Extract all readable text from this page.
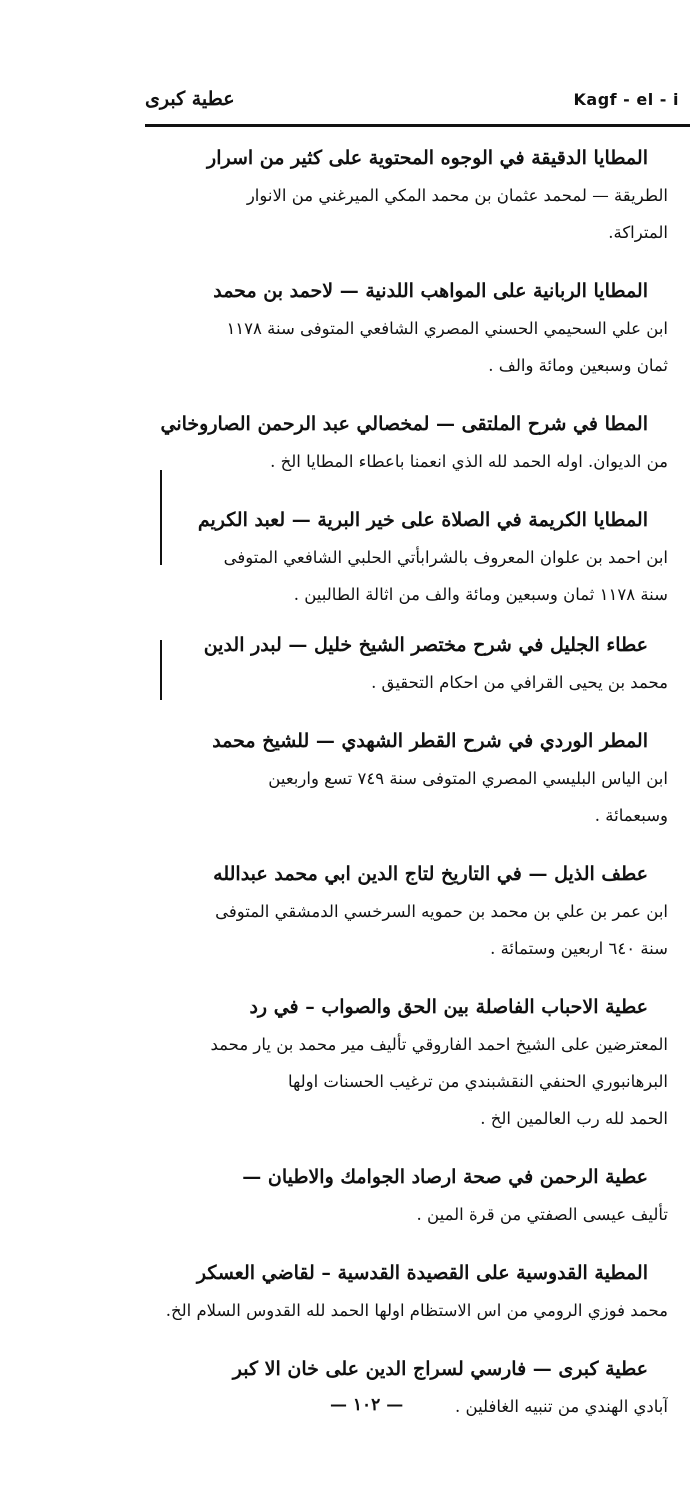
عطية كبرى	Kagf - el - i
المطايا الدقيقة في الوجوه المحتوية على كثير من اسرار
الطريقة — لمحمد عثمان بن محمد المكي الميرغني من الانوار
المتراكة.
المطايا الربانية على المواهب اللدنية — لاحمد بن محمد
ابن علي السحيمي الحسني المصري الشافعي المتوفى سنة ١١٧٨
ثمان وسبعين ومائة والف .
المطا في شرح الملتقى — لمخصالي عبد الرحمن الصاروخاني
من الديوان. اوله الحمد لله الذي انعمنا باعطاء المطايا الخ .
المطايا الكريمة في الصلاة على خير البرية — لعبد الكريم
ابن احمد بن علوان المعروف بالشرابأتي الحلبي الشافعي المتوفى
سنة ١١٧٨ ثمان وسبعين ومائة والف من اثالة الطالبين .
عطاء الجليل في شرح مختصر الشيخ خليل — لبدر الدين
محمد بن يحيى القرافي من احكام التحقيق .
المطر الوردي في شرح القطر الشهدي — للشيخ محمد
ابن الياس البليسي المصري المتوفى سنة ٧٤٩ تسع واربعين
وسبعمائة .
عطف الذيل — في التاريخ لتاج الدين ابي محمد عبدالله
ابن عمر بن علي بن محمد بن حمويه السرخسي الدمشقي المتوفى
سنة ٦٤٠ اربعين وستمائة .
عطية الاحباب الفاصلة بين الحق والصواب – في رد
المعترضين على الشيخ احمد الفاروقي تأليف مير محمد بن يار محمد
البرهانبوري الحنفي النقشبندي من ترغيب الحسنات اولها
الحمد لله رب العالمين الخ .
عطية الرحمن في صحة ارصاد الجوامك والاطيان —
تأليف عيسى الصفتي من قرة المين .
المطية القدوسية على القصيدة القدسية – لقاضي العسكر
محمد فوزي الرومي من اس الاستظام اولها الحمد لله القدوس السلام الخ.
عطية كبرى — فارسي لسراج الدين على خان الا كبر
آبادي الهندي من تنبيه الغافلين .
— ١٠٢ —
